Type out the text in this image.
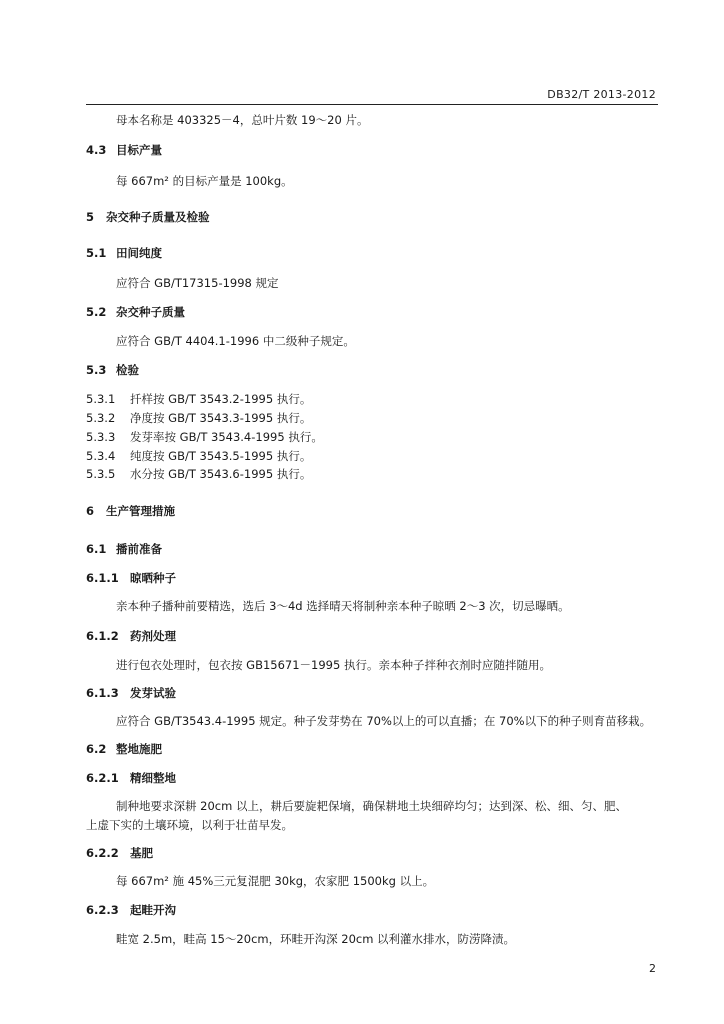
DB32/T 2013-2012
母本名称是 403325－4，总叶片数 19～20 片。
4.3 目标产量
每 667m² 的目标产量是 100kg。
5 杂交种子质量及检验
5.1 田间纯度
应符合 GB/T17315-1998 规定
5.2 杂交种子质量
应符合 GB/T 4404.1-1996 中二级种子规定。
5.3 检验
5.3.1 扦样按 GB/T 3543.2-1995 执行。
5.3.2 净度按 GB/T 3543.3-1995 执行。
5.3.3 发芽率按 GB/T 3543.4-1995 执行。
5.3.4 纯度按 GB/T 3543.5-1995 执行。
5.3.5 水分按 GB/T 3543.6-1995 执行。
6 生产管理措施
6.1 播前准备
6.1.1 晾晒种子
亲本种子播种前要精选，选后 3～4d 选择晴天将制种亲本种子晾晒 2～3 次，切忌曝晒。
6.1.2 药剂处理
进行包衣处理时，包衣按 GB15671－1995 执行。亲本种子拌种衣剂时应随拌随用。
6.1.3 发芽试验
应符合 GB/T3543.4-1995 规定。种子发芽势在 70%以上的可以直播；在 70%以下的种子则育苗移栽。
6.2 整地施肥
6.2.1 精细整地
制种地要求深耕 20cm 以上，耕后要旋耙保墒，确保耕地土块细碎均匀；达到深、松、细、匀、肥、
上虚下实的土壤环境，以利于壮苗早发。
6.2.2 基肥
每 667m² 施 45%三元复混肥 30kg，农家肥 1500kg 以上。
6.2.3 起畦开沟
畦宽 2.5m，畦高 15～20cm，环畦开沟深 20cm 以利灌水排水，防涝降渍。
2
